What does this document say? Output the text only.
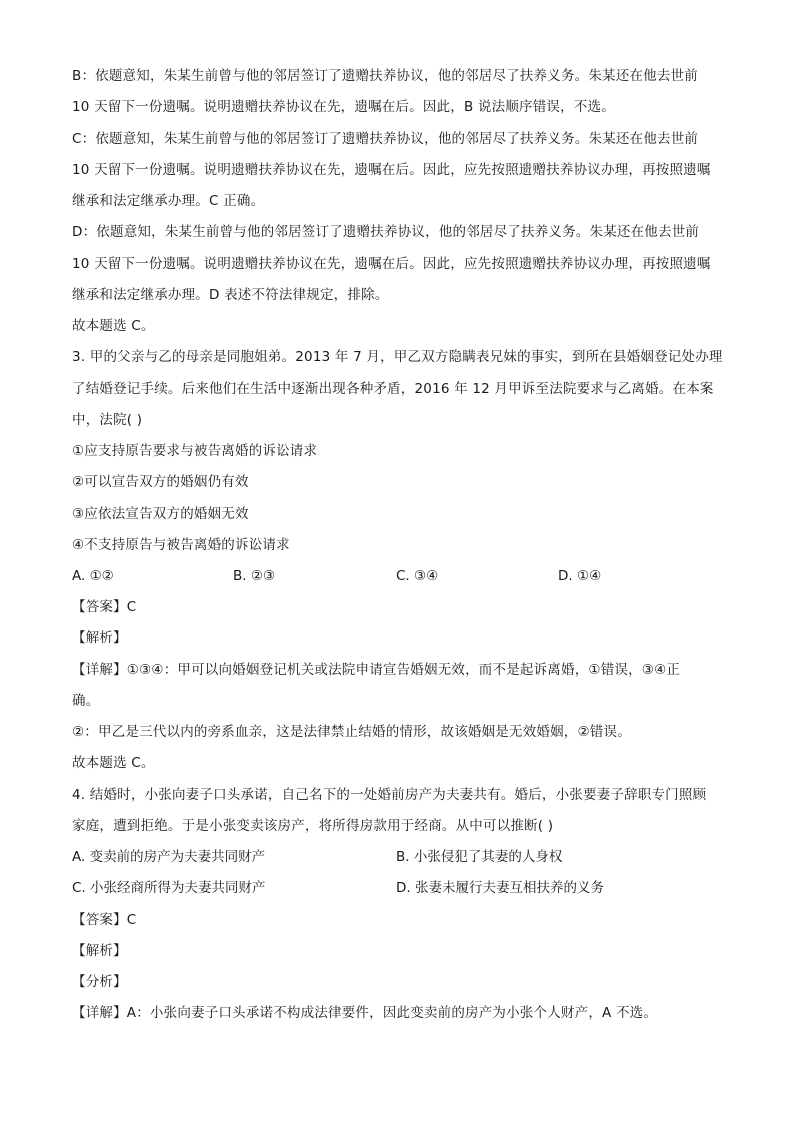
B：依题意知，朱某生前曾与他的邻居签订了遗赠扶养协议，他的邻居尽了扶养义务。朱某还在他去世前
10 天留下一份遗嘱。说明遗赠扶养协议在先，遗嘱在后。因此，B 说法顺序错误，不选。
C：依题意知，朱某生前曾与他的邻居签订了遗赠扶养协议，他的邻居尽了扶养义务。朱某还在他去世前
10 天留下一份遗嘱。说明遗赠扶养协议在先，遗嘱在后。因此，应先按照遗赠扶养协议办理，再按照遗嘱
继承和法定继承办理。C 正确。
D：依题意知，朱某生前曾与他的邻居签订了遗赠扶养协议，他的邻居尽了扶养义务。朱某还在他去世前
10 天留下一份遗嘱。说明遗赠扶养协议在先，遗嘱在后。因此，应先按照遗赠扶养协议办理，再按照遗嘱
继承和法定继承办理。D 表述不符法律规定，排除。
故本题选 C。
3. 甲的父亲与乙的母亲是同胞姐弟。2013 年 7 月，甲乙双方隐瞒表兄妹的事实，到所在县婚姻登记处办理
了结婚登记手续。后来他们在生活中逐渐出现各种矛盾，2016 年 12 月甲诉至法院要求与乙离婚。在本案
中，法院( )
①应支持原告要求与被告离婚的诉讼请求
②可以宣告双方的婚姻仍有效
③应依法宣告双方的婚姻无效
④不支持原告与被告离婚的诉讼请求
A. ①②	B. ②③	C. ③④	D. ①④
【答案】C
【解析】
【详解】①③④：甲可以向婚姻登记机关或法院申请宣告婚姻无效，而不是起诉离婚，①错误，③④正
确。
②：甲乙是三代以内的旁系血亲，这是法律禁止结婚的情形，故该婚姻是无效婚姻，②错误。
故本题选 C。
4. 结婚时，小张向妻子口头承诺，自己名下的一处婚前房产为夫妻共有。婚后，小张要妻子辞职专门照顾
家庭，遭到拒绝。于是小张变卖该房产，将所得房款用于经商。从中可以推断( )
A. 变卖前的房产为夫妻共同财产	B. 小张侵犯了其妻的人身权
C. 小张经商所得为夫妻共同财产	D. 张妻未履行夫妻互相扶养的义务
【答案】C
【解析】
【分析】
【详解】A：小张向妻子口头承诺不构成法律要件，因此变卖前的房产为小张个人财产，A 不选。
